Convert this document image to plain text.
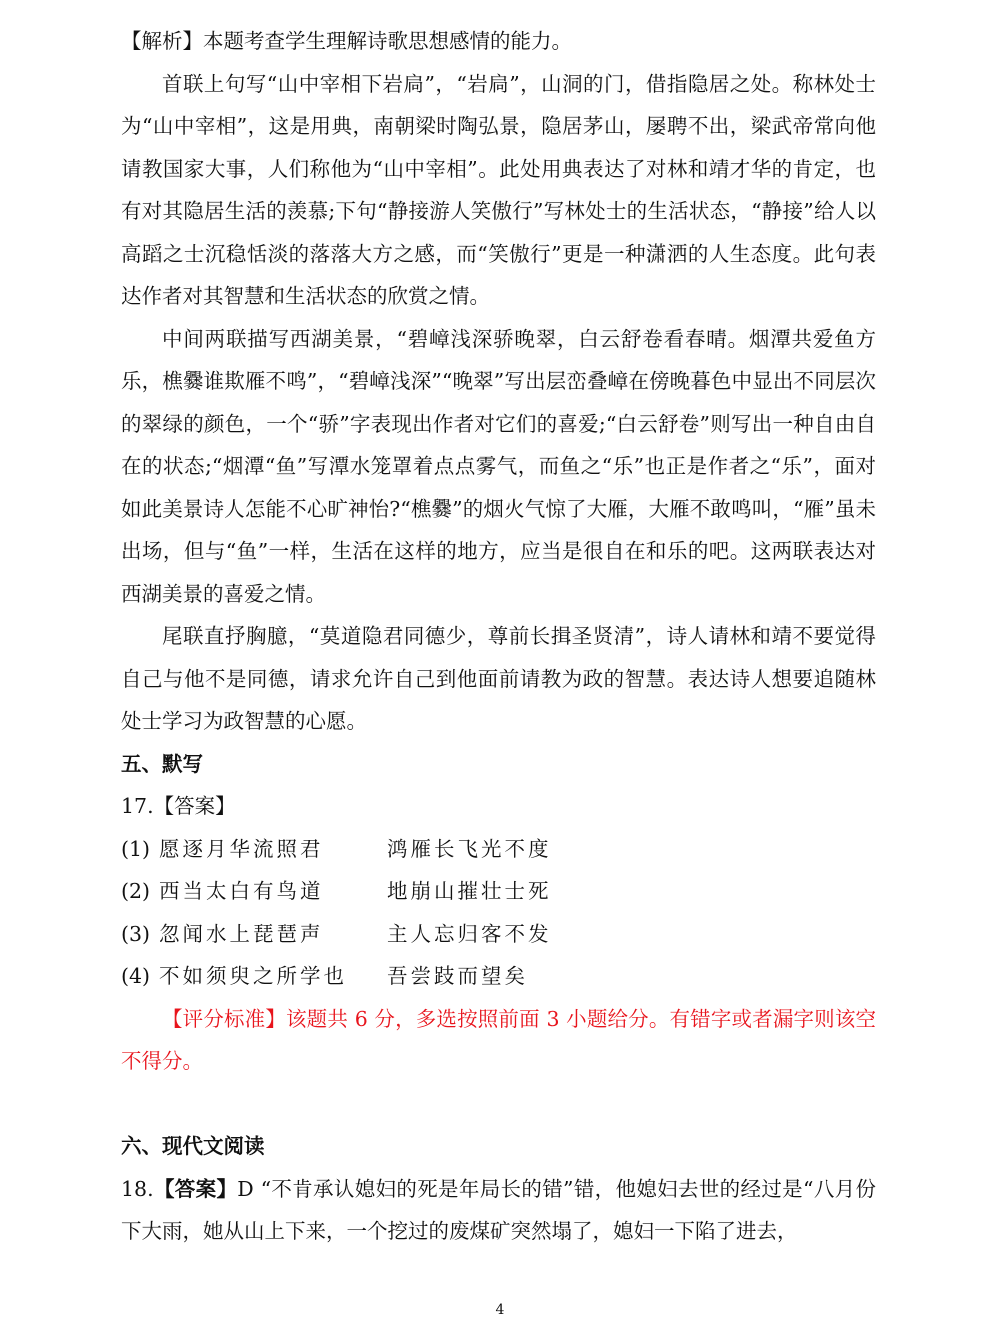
【解析】本题考查学生理解诗歌思想感情的能力。

首联上句写“山中宰相下岩扃”，“岩扃”，山洞的门，借指隐居之处。称林处士为“山中宰相”，这是用典，南朝梁时陶弘景，隐居茅山，屡聘不出，梁武帝常向他请教国家大事，人们称他为“山中宰相”。此处用典表达了对林和靖才华的肯定，也有对其隐居生活的羡慕;下句“静接游人笑傲行”写林处士的生活状态，“静接”给人以高蹈之士沉稳恬淡的落落大方之感，而“笑傲行”更是一种潇洒的人生态度。此句表达作者对其智慧和生活状态的欣赏之情。

中间两联描写西湖美景，“碧嶂浅深骄晚翠，白云舒卷看春晴。烟潭共爱鱼方乐，樵爨谁欺雁不鸣”，“碧嶂浅深”“晚翠”写出层峦叠嶂在傍晚暮色中显出不同层次的翠绿的颜色，一个“骄”字表现出作者对它们的喜爱;“白云舒卷”则写出一种自由自在的状态;“烟潭“鱼”写潭水笼罩着点点雾气，而鱼之“乐”也正是作者之“乐”，面对如此美景诗人怎能不心旷神怡?“樵爨”的烟火气惊了大雁，大雁不敢鸣叫，“雁”虽未出场，但与“鱼”一样，生活在这样的地方，应当是很自在和乐的吧。这两联表达对西湖美景的喜爱之情。

尾联直抒胸臆，“莫道隐君同德少，尊前长揖圣贤清”，诗人请林和靖不要觉得自己与他不是同德，请求允许自己到他面前请教为政的智慧。表达诗人想要追随林处士学习为政智慧的心愿。

五、默写

17.【答案】

(1) 愿逐月华流照君	鸿雁长飞光不度
(2) 西当太白有鸟道	地崩山摧壮士死
(3) 忽闻水上琵琶声	主人忘归客不发
(4) 不如须臾之所学也	吾尝跂而望矣

【评分标准】该题共 6 分，多选按照前面 3 小题给分。有错字或者漏字则该空不得分。

六、现代文阅读

18.【答案】D “不肯承认媳妇的死是年局长的错”错，他媳妇去世的经过是“八月份下大雨，她从山上下来，一个挖过的废煤矿突然塌了，媳妇一下陷了进去，

4
